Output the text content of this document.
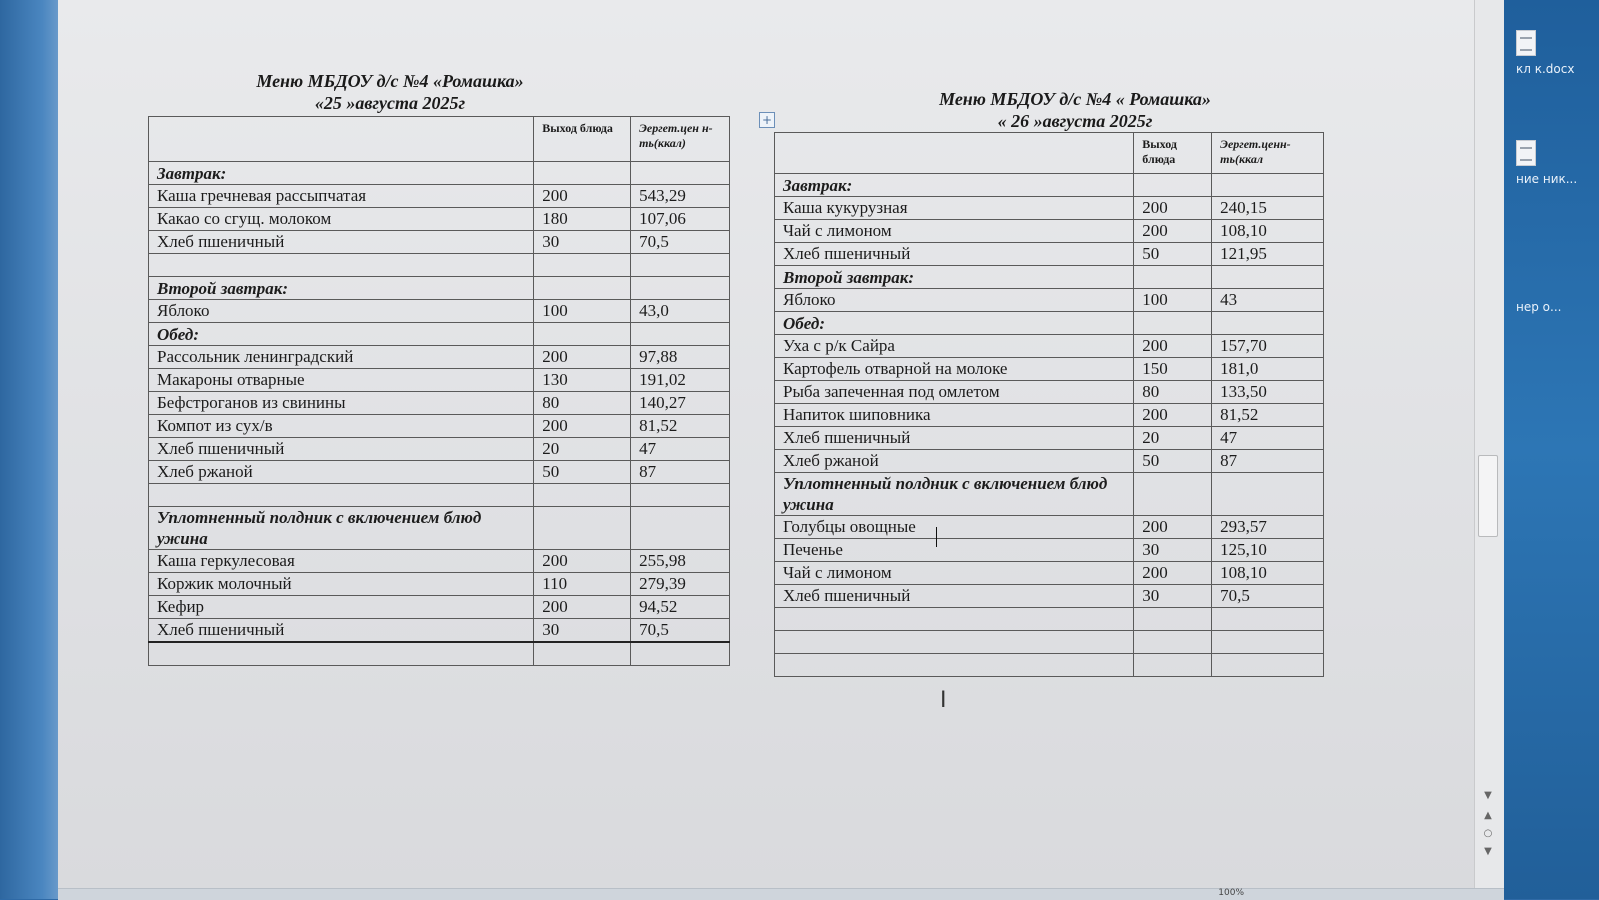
Меню МБДОУ д/с №4 «Ромашка»
«25 »августа 2025г	Меню МБДОУ д/с №4 « Ромашка»
« 26 »августа 2025г
+
	Выход блюда	Эергет.цен н-ть(ккал)
Завтрак:		
Каша гречневая рассыпчатая	200	543,29
Какао со сгущ. молоком	180	107,06
Хлеб пшеничный	30	70,5

Второй завтрак:		
Яблоко	100	43,0
Обед:		
Рассольник ленинградский	200	97,88
Макароны отварные	130	191,02
Бефстроганов из свинины	80	140,27
Компот из сух/в	200	81,52
Хлеб пшеничный	20	47
Хлеб ржаной	50	87

Уплотненный полдник с включением блюд ужина		
Каша геркулесовая	200	255,98
Коржик молочный	110	279,39
Кефир	200	94,52
Хлеб пшеничный	30	70,5

	Выход блюда	Эергет.ценн-ть(ккал
Завтрак:		
Каша кукурузная	200	240,15
Чай с лимоном	200	108,10
Хлеб пшеничный	50	121,95
Второй завтрак:		
Яблоко	100	43
Обед:		
Уха с р/к Сайра	200	157,70
Картофель отварной на молоке	150	181,0
Рыба запеченная под омлетом	80	133,50
Напиток шиповника	200	81,52
Хлеб пшеничный	20	47
Хлеб ржаной	50	87
Уплотненный полдник с включением блюд ужина		
Голубцы овощные	200	293,57
Печенье	30	125,10
Чай с лимоном	200	108,10
Хлеб пшеничный	30	70,5

I
▼
▲
○
▼
кл к.docx
ние ник...
нер о...
100%
